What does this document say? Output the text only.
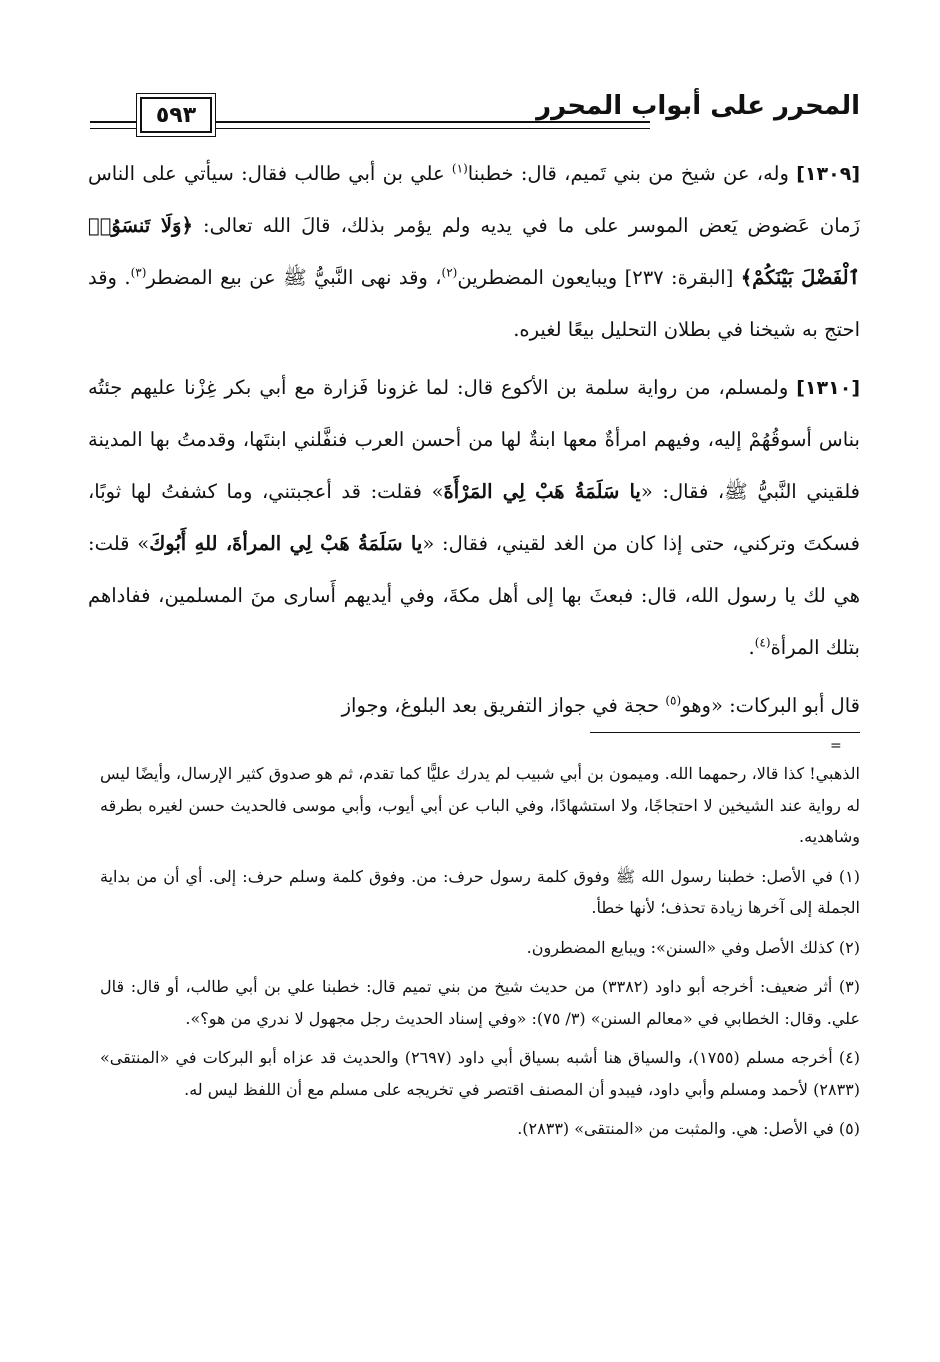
المحرر على أبواب المحرر
٥٩٣

[١٣٠٩] وله، عن شيخ من بني تَميم، قال: خطبنا$^{(١)}$ علي بن أبي طالب فقال: سيأتي على الناس زَمان عَضوض يَعض الموسر على ما في يديه ولم يؤمر بذلك، قالَ الله تعالى: ﴿وَلَا تَنسَوُا۟ ٱلْفَضْلَ بَيْنَكُمْ﴾ [البقرة: ٢٣٧] ويبايعون المضطرين$^{(٢)}$، وقد نهى النَّبيُّ ﷺ عن بيع المضطر$^{(٣)}$. وقد احتج به شيخنا في بطلان التحليل بيعًا لغيره.

[١٣١٠] ولمسلم، من رواية سلمة بن الأكوع قال: لما غزونا فَزارة مع أبي بكر غِزْنا عليهم جئتُه بناس أسوقُهُمْ إليه، وفيهم امرأةٌ معها ابنةٌ لها من أحسن العرب فنفَّلني ابنتَها، وقدمتُ بها المدينة فلقيني النَّبيُّ ﷺ، فقال: «يا سَلَمَةُ هَبْ لِي المَرْأَةَ» فقلت: قد أعجبتني، وما كشفتُ لها ثوبًا، فسكتَ وتركني، حتى إذا كان من الغد لقيني، فقال: «يا سَلَمَةُ هَبْ لِي المرأةَ، للهِ أَبُوكَ» قلت: هي لك يا رسول الله، قال: فبعثَ بها إلى أهل مكةَ، وفي أيديهم أَسارى منَ المسلمين، ففاداهم بتلك المرأة$^{(٤)}$.

قال أبو البركات: «وهو$^{(٥)}$ حجة في جواز التفريق بعد البلوغ، وجواز

=

الذهبي! كذا قالا، رحمهما الله. وميمون بن أبي شبيب لم يدرك عليًّا كما تقدم، ثم هو صدوق كثير الإرسال، وأيضًا ليس له رواية عند الشيخين لا احتجاجًا، ولا استشهادًا، وفي الباب عن أبي أيوب، وأبي موسى فالحديث حسن لغيره بطرقه وشاهديه.

(١) في الأصل: خطبنا رسول الله ﷺ وفوق كلمة رسول حرف: من. وفوق كلمة وسلم حرف: إلى. أي أن من بداية الجملة إلى آخرها زيادة تحذف؛ لأنها خطأ.

(٢) كذلك الأصل وفي «السنن»: ويبايع المضطرون.

(٣) أثر ضعيف: أخرجه أبو داود (٣٣٨٢) من حديث شيخ من بني تميم قال: خطبنا علي بن أبي طالب، أو قال: قال علي. وقال: الخطابي في «معالم السنن» (٣/ ٧٥): «وفي إسناد الحديث رجل مجهول لا ندري من هو؟».

(٤) أخرجه مسلم (١٧٥٥)، والسياق هنا أشبه بسياق أبي داود (٢٦٩٧) والحديث قد عزاه أبو البركات في «المنتقى» (٢٨٣٣) لأحمد ومسلم وأبي داود، فيبدو أن المصنف اقتصر في تخريجه على مسلم مع أن اللفظ ليس له.

(٥) في الأصل: هي. والمثبت من «المنتقى» (٢٨٣٣).
